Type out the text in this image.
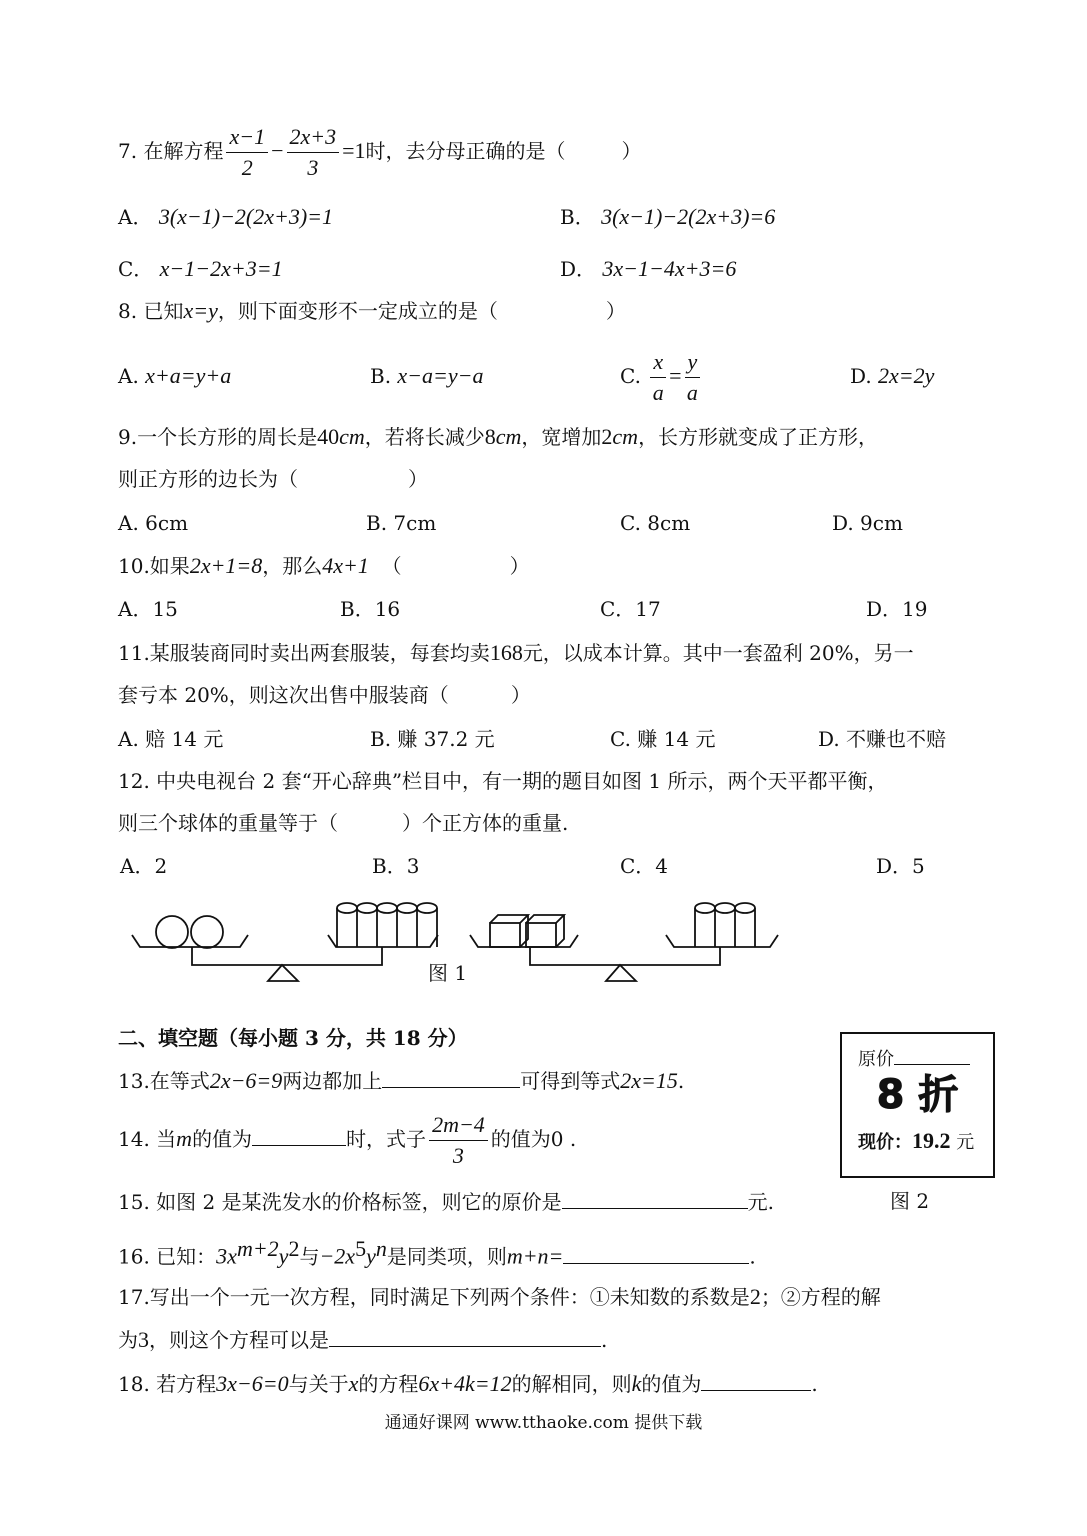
7. 在解方程 $\frac{x-1}{2} - \frac{2x+3}{3} =1$时，去分母正确的是（	）
A． 3(x−1)−2(2x+3)=1	B． 3(x−1)−2(2x+3)=6
C． x−1−2x+3=1	D． 3x−1−4x+3=6
8. 已知x=y，则下面变形不一定成立的是（	）
A. x+a=y+a	B. x−a=y−a	C. $\frac{x}{a} = \frac{y}{a}$	D. 2x=2y
9.一个长方形的周长是40cm，若将长减少8cm，宽增加2cm，长方形就变成了正方形，
则正方形的边长为（	）
A. 6cm	B. 7cm	C. 8cm	D. 9cm
10.如果2x+1=8，那么4x+1 （	）
A．15	B．16	C．17	D．19
11.某服装商同时卖出两套服装，每套均卖168元，以成本计算。其中一套盈利 20%，另一
套亏本 20%，则这次出售中服装商（	）
A. 赔 14 元	B. 赚 37.2 元	C. 赚 14 元	D. 不赚也不赔
12. 中央电视台 2 套“开心辞典”栏目中，有一期的题目如图 1 所示，两个天平都平衡，
则三个球体的重量等于（	）个正方体的重量.
A．2	B．3	C．4	D．5
图 1
二、填空题（每小题 3 分，共 18 分）
原价
8 折
现价：19.2 元
图 2
13.在等式2x−6=9两边都加上	可得到等式2x=15.
14. 当m的值为	时，式子 $\frac{2m-4}{3}$ 的值为0 .
15. 如图 2 是某洗发水的价格标签，则它的原价是	元.
16. 已知：$3x^{m+2}y^2$与$-2x^5y^n$是同类项，则m+n=	.
17.写出一个一元一次方程，同时满足下列两个条件：①未知数的系数是2；②方程的解
为3，则这个方程可以是	.
18. 若方程3x−6=0与关于x的方程6x+4k=12的解相同，则k的值为	.
通通好课网 www.tthaoke.com 提供下载
